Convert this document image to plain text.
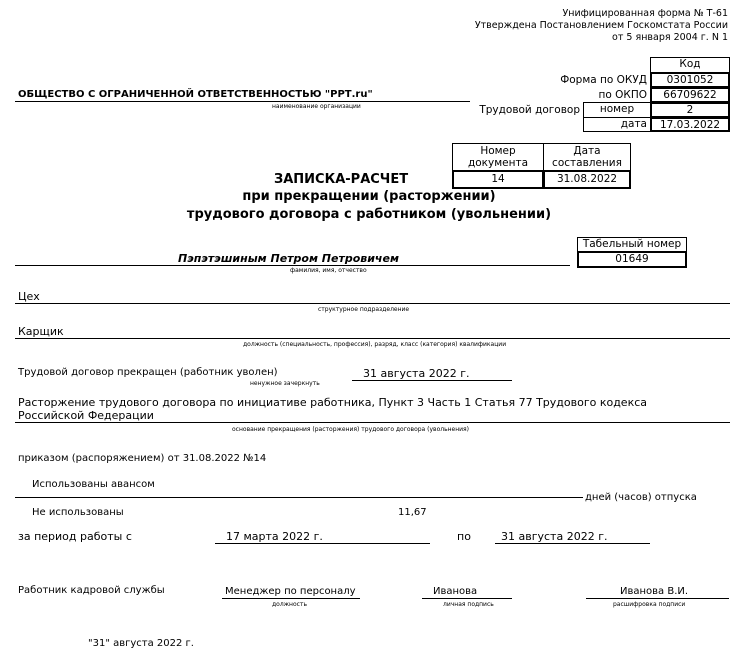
Унифицированная форма № Т-61
Утверждена Постановлением Госкомстата России
от 5 января 2004 г. N 1
Код
Форма по ОКУД	0301052
по ОКПО	66709622
Трудовой договор	номер	2
дата	17.03.2022
ОБЩЕСТВО С ОГРАНИЧЕННОЙ ОТВЕТСТВЕННОСТЬЮ "РРТ.ru"
наименование организации
Номер документа
Дата составления
14	31.08.2022
ЗАПИСКА-РАСЧЕТ
при прекращении (расторжении)
трудового договора с работником (увольнении)
Табельный номер
01649
Пэпэтэшиным Петром Петровичем
фамилия, имя, отчество
Цех
структурное подразделение
Карщик
должность (специальность, профессия), разряд, класс (категория) квалификации
Трудовой договор прекращен (работник уволен)
ненужное зачеркнуть
31 августа 2022 г.
Расторжение трудового договора по инициативе работника, Пункт 3 Часть 1 Статья 77 Трудового кодекса
Российской Федерации
основание прекращения (расторжения) трудового договора (увольнения)
приказом (распоряжением) от 31.08.2022 №14
Использованы авансом
дней (часов) отпуска
Не использованы	11,67
за период работы с	17 марта 2022 г.	по	31 августа 2022 г.
Работник кадровой службы	Менеджер по персоналу
должность
Иванова
личная подпись
Иванова В.И.
расшифровка подписи
"31" августа 2022 г.
